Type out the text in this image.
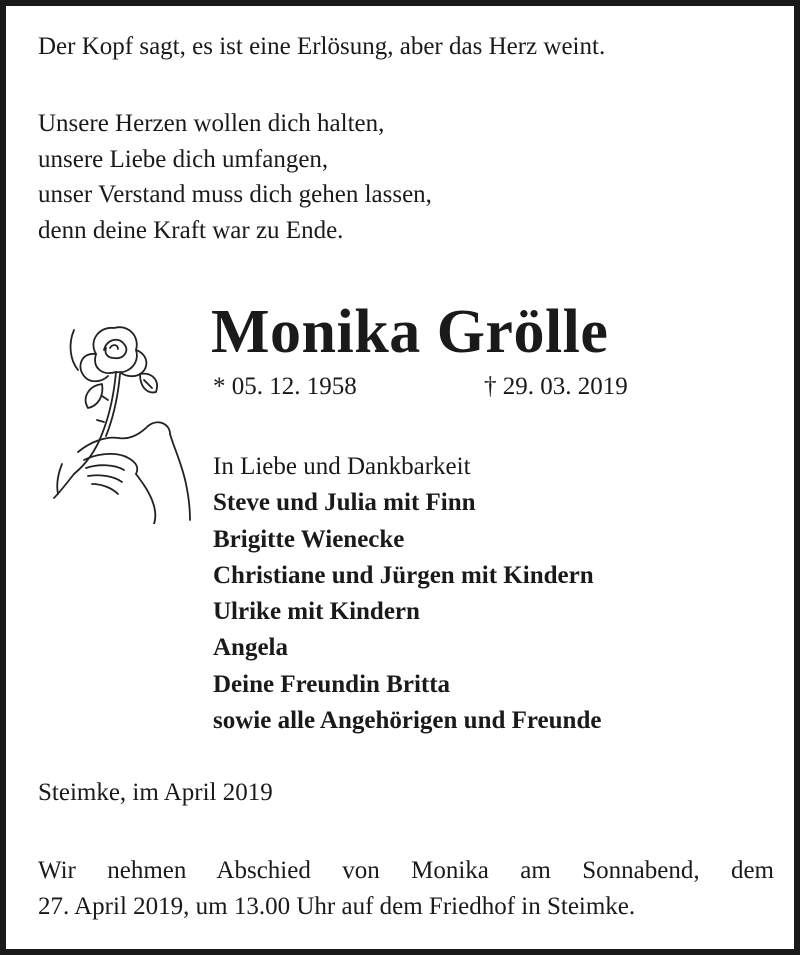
Der Kopf sagt, es ist eine Erlösung, aber das Herz weint.

Unsere Herzen wollen dich halten,
unsere Liebe dich umfangen,
unser Verstand muss dich gehen lassen,
denn deine Kraft war zu Ende.
Monika Grölle
* 05. 12. 1958	† 29. 03. 2019
In Liebe und Dankbarkeit
Steve und Julia mit Finn
Brigitte Wienecke
Christiane und Jürgen mit Kindern
Ulrike mit Kindern
Angela
Deine Freundin Britta
sowie alle Angehörigen und Freunde

Steimke, im April 2019

Wir nehmen Abschied von Monika am Sonnabend, dem
27. April 2019, um 13.00 Uhr auf dem Friedhof in Steimke.
